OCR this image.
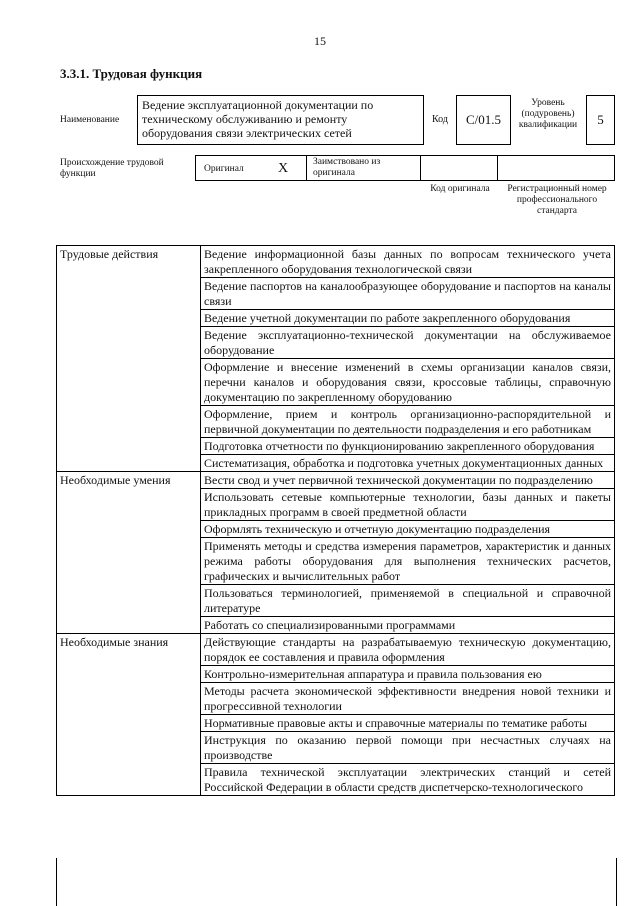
15
3.3.1. Трудовая функция
Наименование
Ведение эксплуатационной документации по техническому обслуживанию и ремонту оборудования связи электрических сетей
Код	C/01.5
Уровень (подуровень) квалификации	5
Происхождение трудовой функции	Оригинал X	Заимствовано из оригинала
Код оригинала	Регистрационный номер профессионального стандарта
Трудовые действия	Ведение информационной базы данных по вопросам технического учета закрепленного оборудования технологической связи
	Ведение паспортов на каналообразующее оборудование и паспортов на каналы связи
	Ведение учетной документации по работе закрепленного оборудования
	Ведение эксплуатационно-технической документации на обслуживаемое оборудование
	Оформление и внесение изменений в схемы организации каналов связи, перечни каналов и оборудования связи, кроссовые таблицы, справочную документацию по закрепленному оборудованию
	Оформление, прием и контроль организационно-распорядительной и первичной документации по деятельности подразделения и его работникам
	Подготовка отчетности по функционированию закрепленного оборудования
	Систематизация, обработка и подготовка учетных документационных данных
Необходимые умения	Вести свод и учет первичной технической документации по подразделению
	Использовать сетевые компьютерные технологии, базы данных и пакеты прикладных программ в своей предметной области
	Оформлять техническую и отчетную документацию подразделения
	Применять методы и средства измерения параметров, характеристик и данных режима работы оборудования для выполнения технических расчетов, графических и вычислительных работ
	Пользоваться терминологией, применяемой в специальной и справочной литературе
	Работать со специализированными программами
Необходимые знания	Действующие стандарты на разрабатываемую техническую документацию, порядок ее составления и правила оформления
	Контрольно-измерительная аппаратура и правила пользования ею
	Методы расчета экономической эффективности внедрения новой техники и прогрессивной технологии
	Нормативные правовые акты и справочные материалы по тематике работы
	Инструкция по оказанию первой помощи при несчастных случаях на производстве
	Правила технической эксплуатации электрических станций и сетей Российской Федерации в области средств диспетчерско-технологического
